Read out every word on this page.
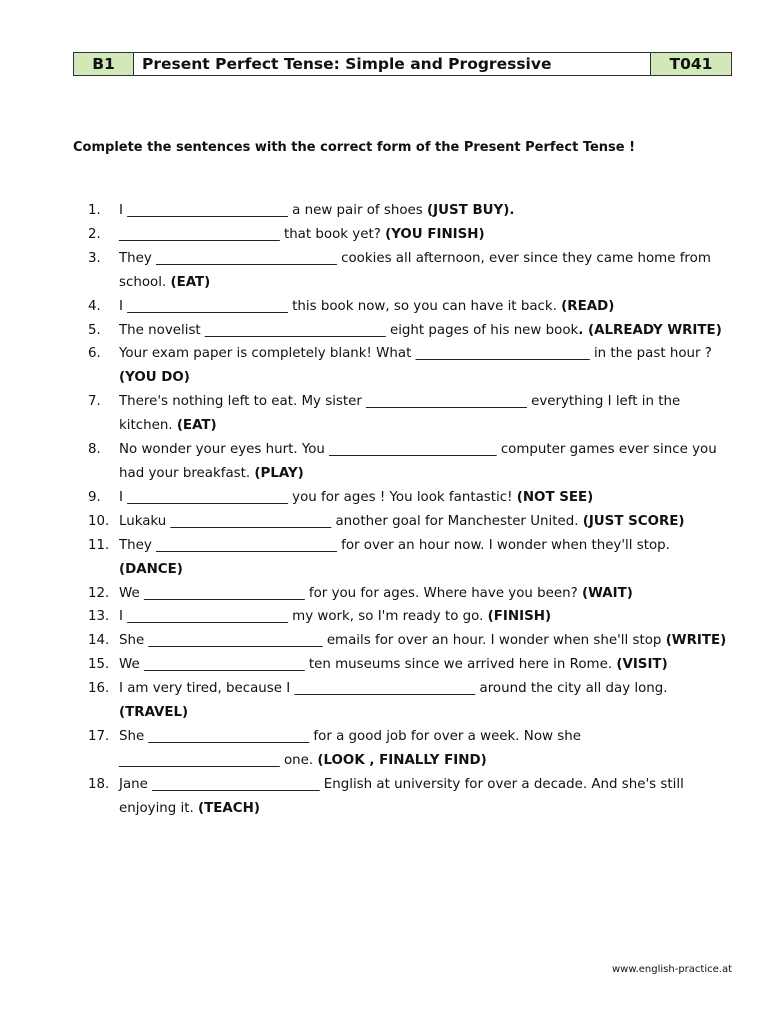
B1	Present Perfect Tense: Simple and Progressive	T041
Complete the sentences with the correct form of the Present Perfect Tense !
1.	I ________________________ a new pair of shoes (JUST BUY).
2.	________________________ that book yet? (YOU FINISH)
3.	They ___________________________ cookies all afternoon, ever since they came home from school. (EAT)
4.	I ________________________ this book now, so you can have it back. (READ)
5.	The novelist ___________________________ eight pages of his new book. (ALREADY WRITE)
6.	Your exam paper is completely blank! What __________________________ in the past hour ? (YOU DO)
7.	There's nothing left to eat. My sister ________________________ everything I left in the kitchen. (EAT)
8.	No wonder your eyes hurt. You _________________________ computer games ever since you had your breakfast. (PLAY)
9.	I ________________________ you for ages ! You look fantastic! (NOT SEE)
10. Lukaku ________________________ another goal for Manchester United. (JUST SCORE)
11. They ___________________________ for over an hour now. I wonder when they'll stop. (DANCE)
12. We ________________________ for you for ages. Where have you been? (WAIT)
13. I ________________________ my work, so I'm ready to go. (FINISH)
14. She __________________________ emails for over an hour. I wonder when she'll stop (WRITE)
15. We ________________________ ten museums since we arrived here in Rome. (VISIT)
16. I am very tired, because I ___________________________ around the city all day long. (TRAVEL)
17. She ________________________ for a good job for over a week. Now she ________________________ one. (LOOK , FINALLY FIND)
18. Jane _________________________ English at university for over a decade. And she's still enjoying it. (TEACH)
www.english-practice.at
